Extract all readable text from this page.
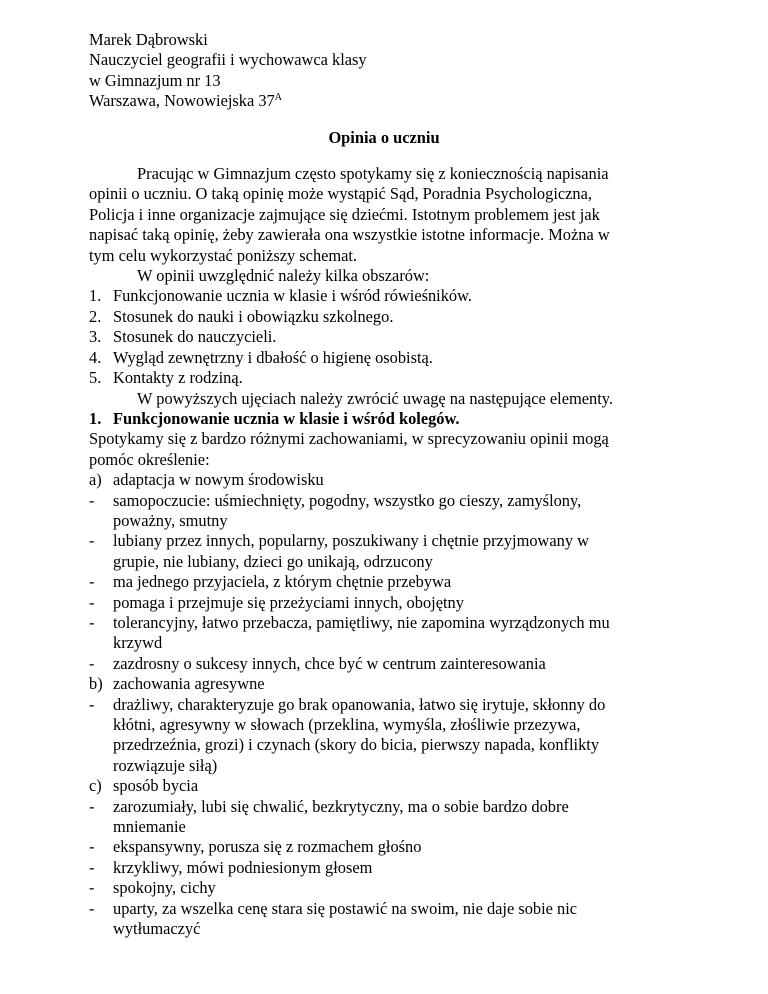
Marek Dąbrowski
Nauczyciel geografii i wychowawca klasy
w Gimnazjum nr 13
Warszawa, Nowowiejska $37^A$
Opinia o uczniu
Pracując w Gimnazjum często spotykamy się z koniecznością napisania
opinii o uczniu. O taką opinię może wystąpić Sąd, Poradnia Psychologiczna,
Policja i inne organizacje zajmujące się dziećmi. Istotnym problemem jest jak
napisać taką opinię, żeby zawierała ona wszystkie istotne informacje. Można w
tym celu wykorzystać poniższy schemat.
W opinii uwzględnić należy kilka obszarów:
1. Funkcjonowanie ucznia w klasie i wśród rówieśników.
2. Stosunek do nauki i obowiązku szkolnego.
3. Stosunek do nauczycieli.
4. Wygląd zewnętrzny i dbałość o higienę osobistą.
5. Kontakty z rodziną.
W powyższych ujęciach należy zwrócić uwagę na następujące elementy.
1. Funkcjonowanie ucznia w klasie i wśród kolegów.
Spotykamy się z bardzo różnymi zachowaniami, w sprecyzowaniu opinii mogą
pomóc określenie:
a) adaptacja w nowym środowisku
-	samopoczucie: uśmiechnięty, pogodny, wszystko go cieszy, zamyślony,
poważny, smutny
-	lubiany przez innych, popularny, poszukiwany i chętnie przyjmowany w
grupie, nie lubiany, dzieci go unikają, odrzucony
-	ma jednego przyjaciela, z którym chętnie przebywa
-	pomaga i przejmuje się przeżyciami innych, obojętny
-	tolerancyjny, łatwo przebacza, pamiętliwy, nie zapomina wyrządzonych mu
krzywd
-	zazdrosny o sukcesy innych, chce być w centrum zainteresowania
b) zachowania agresywne
-	drażliwy, charakteryzuje go brak opanowania, łatwo się irytuje, skłonny do
kłótni, agresywny w słowach (przeklina, wymyśla, złośliwie przezywa,
przedrzeźnia, grozi) i czynach (skory do bicia, pierwszy napada, konflikty
rozwiązuje siłą)
c) sposób bycia
-	zarozumiały, lubi się chwalić, bezkrytyczny, ma o sobie bardzo dobre
mniemanie
-	ekspansywny, porusza się z rozmachem głośno
-	krzykliwy, mówi podniesionym głosem
-	spokojny, cichy
-	uparty, za wszelka cenę stara się postawić na swoim, nie daje sobie nic
wytłumaczyć
